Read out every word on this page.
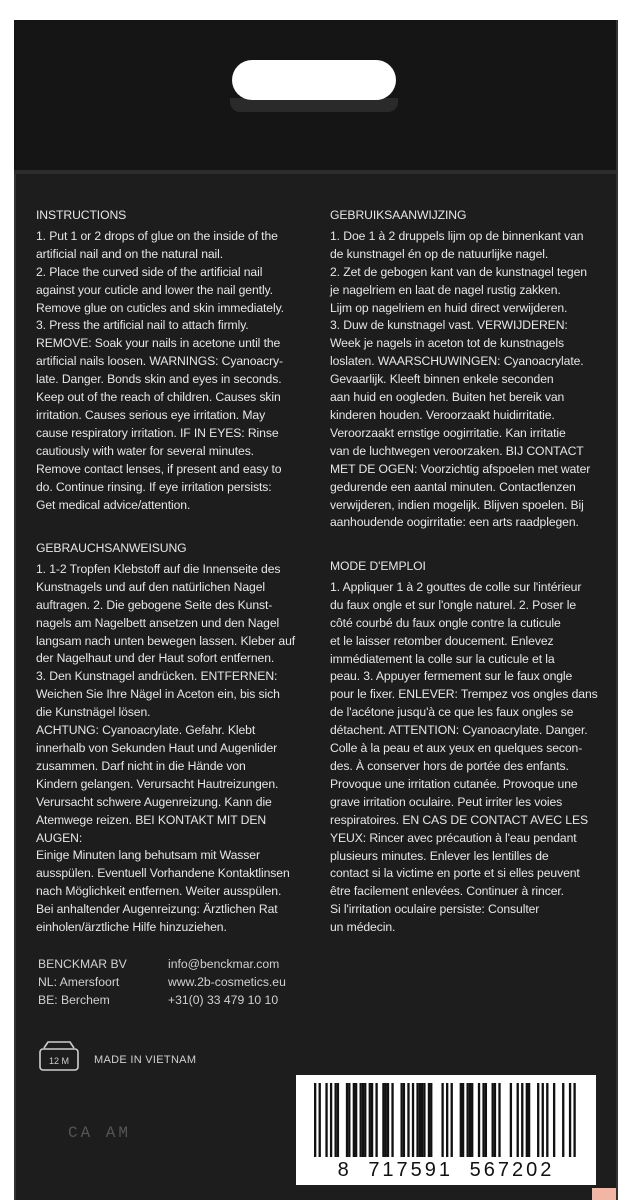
INSTRUCTIONS
1. Put 1 or 2 drops of glue on the inside of the
artificial nail and on the natural nail.
2. Place the curved side of the artificial nail
against your cuticle and lower the nail gently.
Remove glue on cuticles and skin immediately.
3. Press the artificial nail to attach firmly.
REMOVE: Soak your nails in acetone until the
artificial nails loosen. WARNINGS: Cyanoacry-
late. Danger. Bonds skin and eyes in seconds.
Keep out of the reach of children. Causes skin
irritation. Causes serious eye irritation. May
cause respiratory irritation. IF IN EYES: Rinse
cautiously with water for several minutes.
Remove contact lenses, if present and easy to
do. Continue rinsing. If eye irritation persists:
Get medical advice/attention.
GEBRAUCHSANWEISUNG
1. 1-2 Tropfen Klebstoff auf die Innenseite des
Kunstnagels und auf den natürlichen Nagel
auftragen. 2. Die gebogene Seite des Kunst-
nagels am Nagelbett ansetzen und den Nagel
langsam nach unten bewegen lassen. Kleber auf
der Nagelhaut und der Haut sofort entfernen.
3. Den Kunstnagel andrücken. ENTFERNEN:
Weichen Sie Ihre Nägel in Aceton ein, bis sich
die Kunstnägel lösen.
ACHTUNG: Cyanoacrylate. Gefahr. Klebt
innerhalb von Sekunden Haut und Augenlider
zusammen. Darf nicht in die Hände von
Kindern gelangen. Verursacht Hautreizungen.
Verursacht schwere Augenreizung. Kann die
Atemwege reizen. BEI KONTAKT MIT DEN AUGEN:
Einige Minuten lang behutsam mit Wasser
ausspülen. Eventuell Vorhandene Kontaktlinsen
nach Möglichkeit entfernen. Weiter ausspülen.
Bei anhaltender Augenreizung: Ärztlichen Rat
einholen/ärztliche Hilfe hinzuziehen.
GEBRUIKSAANWIJZING
1. Doe 1 à 2 druppels lijm op de binnenkant van
de kunstnagel én op de natuurlijke nagel.
2. Zet de gebogen kant van de kunstnagel tegen
je nagelriem en laat de nagel rustig zakken.
Lijm op nagelriem en huid direct verwijderen.
3. Duw de kunstnagel vast. VERWIJDEREN:
Week je nagels in aceton tot de kunstnagels
loslaten. WAARSCHUWINGEN: Cyanoacrylate.
Gevaarlijk. Kleeft binnen enkele seconden
aan huid en oogleden. Buiten het bereik van
kinderen houden. Veroorzaakt huidirritatie.
Veroorzaakt ernstige oogirritatie. Kan irritatie
van de luchtwegen veroorzaken. BIJ CONTACT
MET DE OGEN: Voorzichtig afspoelen met water
gedurende een aantal minuten. Contactlenzen
verwijderen, indien mogelijk. Blijven spoelen. Bij
aanhoudende oogirritatie: een arts raadplegen.
MODE D'EMPLOI
1. Appliquer 1 à 2 gouttes de colle sur l'intérieur
du faux ongle et sur l'ongle naturel. 2. Poser le
côté courbé du faux ongle contre la cuticule
et le laisser retomber doucement. Enlevez
immédiatement la colle sur la cuticule et la
peau. 3. Appuyer fermement sur le faux ongle
pour le fixer. ENLEVER: Trempez vos ongles dans
de l'acétone jusqu'à ce que les faux ongles se
détachent. ATTENTION: Cyanoacrylate. Danger.
Colle à la peau et aux yeux en quelques secon-
des. À conserver hors de portée des enfants.
Provoque une irritation cutanée. Provoque une
grave irritation oculaire. Peut irriter les voies
respiratoires. EN CAS DE CONTACT AVEC LES
YEUX: Rincer avec précaution à l'eau pendant
plusieurs minutes. Enlever les lentilles de
contact si la victime en porte et si elles peuvent
être facilement enlevées. Continuer à rincer.
Si l'irritation oculaire persiste: Consulter
un médecin.
BENCKMAR BV
NL: Amersfoort
BE: Berchem
info@benckmar.com
www.2b-cosmetics.eu
+31(0) 33 479 10 10
12 M MADE IN VIETNAM
CA AM
8 717591 567202
